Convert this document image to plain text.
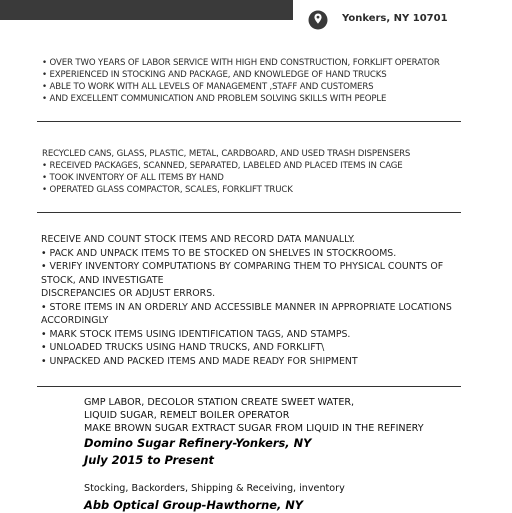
Yonkers, NY 10701
• OVER TWO YEARS OF LABOR SERVICE WITH HIGH END CONSTRUCTION, FORKLIFT OPERATOR
• EXPERIENCED IN STOCKING AND PACKAGE, AND KNOWLEDGE OF HAND TRUCKS
• ABLE TO WORK WITH ALL LEVELS OF MANAGEMENT ,STAFF AND CUSTOMERS
• AND EXCELLENT COMMUNICATION AND PROBLEM SOLVING SKILLS WITH PEOPLE
RECYCLED CANS, GLASS, PLASTIC, METAL, CARDBOARD, AND USED TRASH DISPENSERS
• RECEIVED PACKAGES, SCANNED, SEPARATED, LABELED AND PLACED ITEMS IN CAGE
• TOOK INVENTORY OF ALL ITEMS BY HAND
• OPERATED GLASS COMPACTOR, SCALES, FORKLIFT TRUCK
RECEIVE AND COUNT STOCK ITEMS AND RECORD DATA MANUALLY.
• PACK AND UNPACK ITEMS TO BE STOCKED ON SHELVES IN STOCKROOMS.
• VERIFY INVENTORY COMPUTATIONS BY COMPARING THEM TO PHYSICAL COUNTS OF
STOCK, AND INVESTIGATE
DISCREPANCIES OR ADJUST ERRORS.
• STORE ITEMS IN AN ORDERLY AND ACCESSIBLE MANNER IN APPROPRIATE LOCATIONS
ACCORDINGLY
• MARK STOCK ITEMS USING IDENTIFICATION TAGS, AND STAMPS.
• UNLOADED TRUCKS USING HAND TRUCKS, AND FORKLIFT\
• UNPACKED AND PACKED ITEMS AND MADE READY FOR SHIPMENT
GMP LABOR, DECOLOR STATION CREATE SWEET WATER,
LIQUID SUGAR, REMELT BOILER OPERATOR
MAKE BROWN SUGAR EXTRACT SUGAR FROM LIQUID IN THE REFINERY
Domino Sugar Refinery-Yonkers, NY
July 2015 to Present
Stocking, Backorders, Shipping & Receiving, inventory
Abb Optical Group-Hawthorne, NY
